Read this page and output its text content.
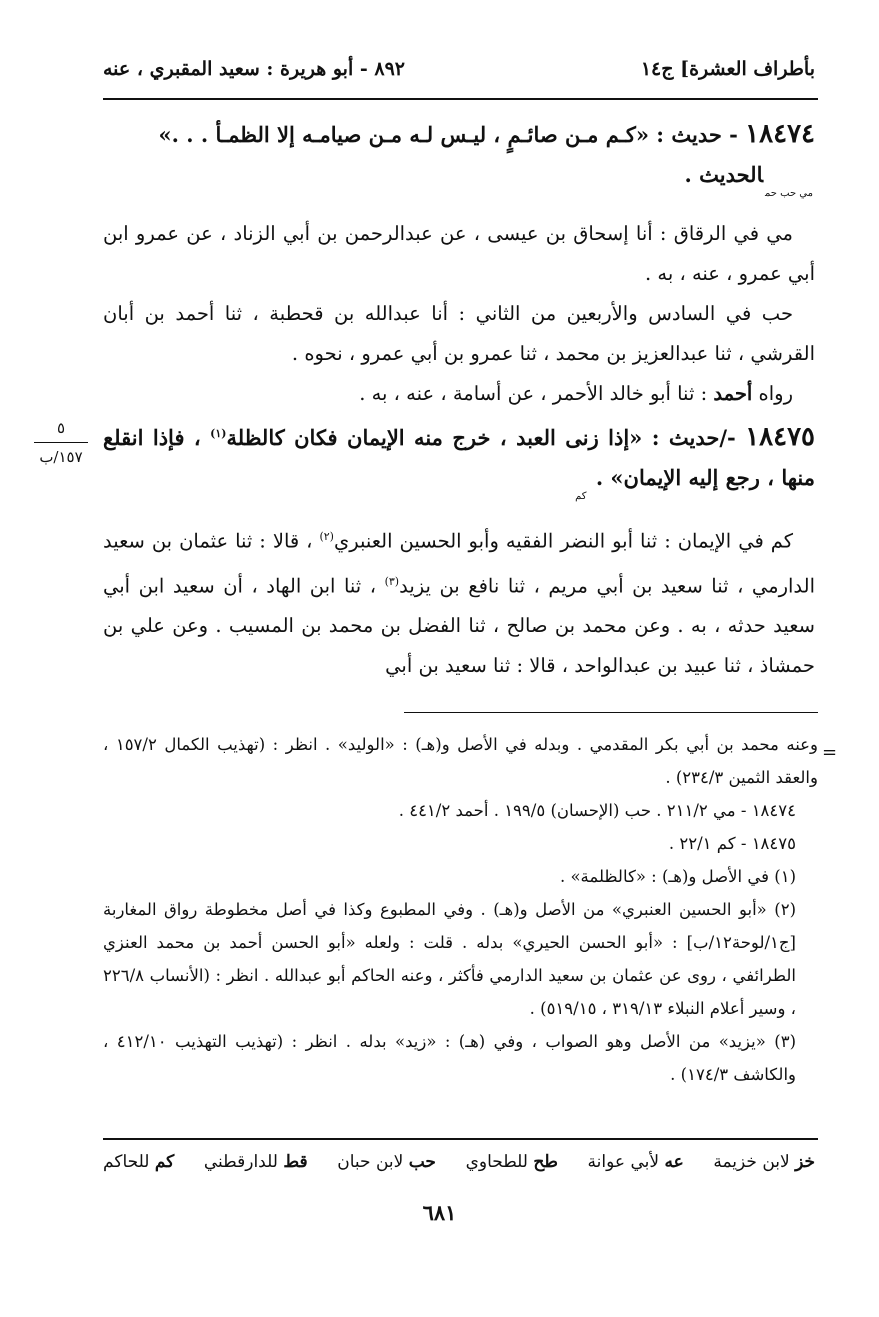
بأطراف العشرة] ج١٤
٨٩٢ - أبو هريرة : سعيد المقبري ، عنه

١٨٤٧٤ - حديث : «كـم مـن صائـمٍ ، ليـس لـه مـن صيامـه إلا الظمـأ . . .»
$_{مي حب حم}$الحديث .

مي في الرقاق : أنا إسحاق بن عيسى ، عن عبدالرحمن بن أبي الزناد ، عن عمرو ابن أبي عمرو ، عنه ، به .

حب في السادس والأربعين من الثاني : أنا عبدالله بن قحطبة ، ثنا أحمد بن أبان القرشي ، ثنا عبدالعزيز بن محمد ، ثنا عمرو بن أبي عمرو ، نحوه .

رواه أحمد : ثنا أبو خالد الأحمر ، عن أسامة ، عنه ، به .

١٨٤٧٥ -/حديث : «إذا زنى العبد ، خرج منه الإيمان فكان كالظلة$^{(١)}$ ، فإذا انقلع منها ، رجع إليه الإيمان» . $_{كم}$

كم في الإيمان : ثنا أبو النضر الفقيه وأبو الحسين العنبري$^{(٢)}$ ، قالا : ثنا عثمان بن سعيد الدارمي ، ثنا سعيد بن أبي مريم ، ثنا نافع بن يزيد$^{(٣)}$ ، ثنا ابن الهاد ، أن سعيد ابن أبي سعيد حدثه ، به . وعن محمد بن صالح ، ثنا الفضل بن محمد بن المسيب . وعن علي بن حمشاذ ، ثنا عبيد بن عبدالواحد ، قالا : ثنا سعيد بن أبي

٥
١٥٧/ب
=

وعنه محمد بن أبي بكر المقدمي . وبدله في الأصل و(هـ) : «الوليد» . انظر : (تهذيب الكمال ١٥٧/٢ ، والعقد الثمين ٢٣٤/٣) .

١٨٤٧٤ - مي ٢١١/٢ . حب (الإحسان) ١٩٩/٥ . أحمد ٤٤١/٢ .

١٨٤٧٥ - كم ٢٢/١ .

(١) في الأصل و(هـ) : «كالظلمة» .

(٢) «أبو الحسين العنبري» من الأصل و(هـ) . وفي المطبوع وكذا في أصل مخطوطة رواق المغاربة [ج١/لوحة١٢/ب] : «أبو الحسن الحيري» بدله . قلت : ولعله «أبو الحسن أحمد بن محمد العنزي الطرائفي ، روى عن عثمان بن سعيد الدارمي فأكثر ، وعنه الحاكم أبو عبدالله . انظر : (الأنساب ٢٢٦/٨ ، وسير أعلام النبلاء ٣١٩/١٣ ، ٥١٩/١٥) .

(٣) «يزيد» من الأصل وهو الصواب ، وفي (هـ) : «زيد» بدله . انظر : (تهذيب التهذيب ٤١٢/١٠ ، والكاشف ١٧٤/٣) .

خز لابن خزيمة
عه لأبي عوانة
طح للطحاوي
حب لابن حبان
قط للدارقطني
كم للحاكم
٦٨١
